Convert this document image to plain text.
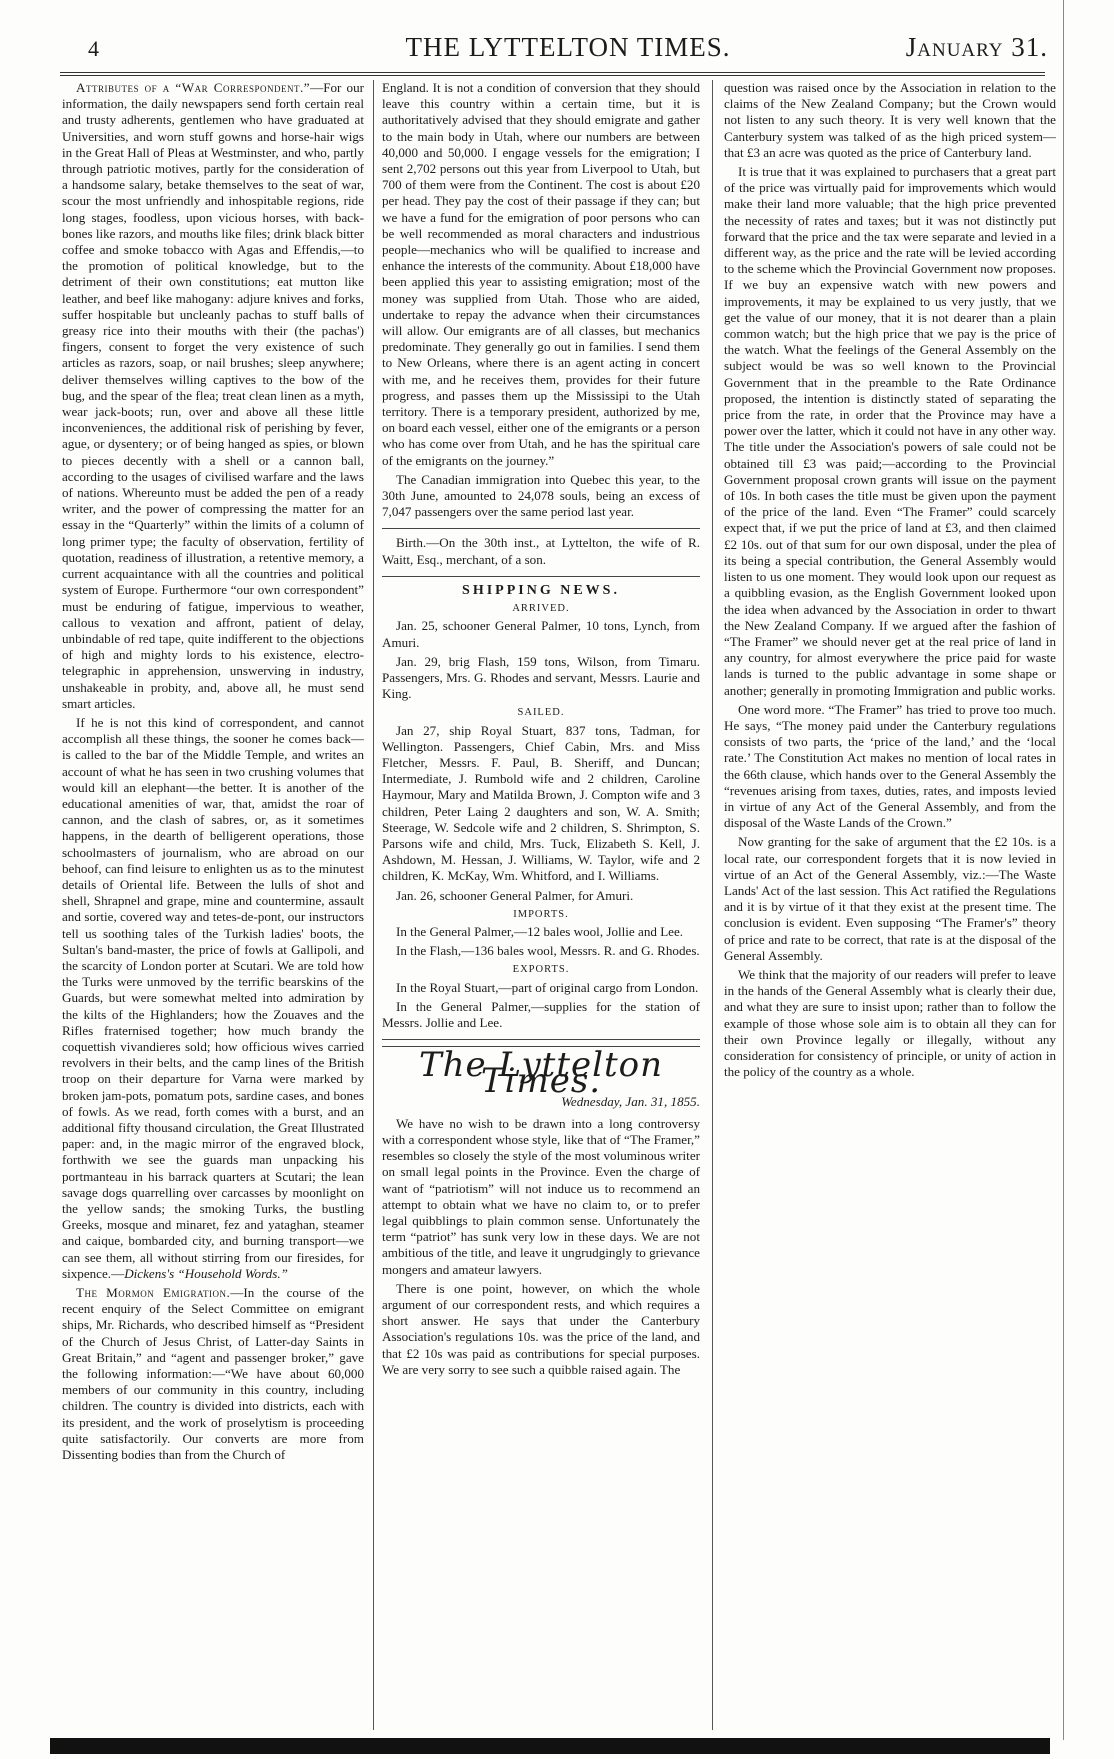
4	THE LYTTELTON TIMES.	January 31.

Attributes of a “War Correspondent.”—For our information, the daily newspapers send forth certain real and trusty adherents, gentlemen who have graduated at Universities, and worn stuff gowns and horse-hair wigs in the Great Hall of Pleas at Westminster, and who, partly through patriotic motives, partly for the consideration of a handsome salary, betake themselves to the seat of war, scour the most unfriendly and inhospitable regions, ride long stages, foodless, upon vicious horses, with back-bones like razors, and mouths like files; drink black bitter coffee and smoke tobacco with Agas and Effendis,—to the promotion of political knowledge, but to the detriment of their own constitutions; eat mutton like leather, and beef like mahogany: adjure knives and forks, suffer hospitable but uncleanly pachas to stuff balls of greasy rice into their mouths with their (the pachas') fingers, consent to forget the very existence of such articles as razors, soap, or nail brushes; sleep anywhere; deliver themselves willing captives to the bow of the bug, and the spear of the flea; treat clean linen as a myth, wear jack-boots; run, over and above all these little inconveniences, the additional risk of perishing by fever, ague, or dysentery; or of being hanged as spies, or blown to pieces decently with a shell or a cannon ball, according to the usages of civilised warfare and the laws of nations. Whereunto must be added the pen of a ready writer, and the power of compressing the matter for an essay in the “Quarterly” within the limits of a column of long primer type; the faculty of observation, fertility of quotation, readiness of illustration, a retentive memory, a current acquaintance with all the countries and political system of Europe. Furthermore “our own correspondent” must be enduring of fatigue, impervious to weather, callous to vexation and affront, patient of delay, unbindable of red tape, quite indifferent to the objections of high and mighty lords to his existence, electro-telegraphic in apprehension, unswerving in industry, unshakeable in probity, and, above all, he must send smart articles.

If he is not this kind of correspondent, and cannot accomplish all these things, the sooner he comes back—is called to the bar of the Middle Temple, and writes an account of what he has seen in two crushing volumes that would kill an elephant—the better. It is another of the educational amenities of war, that, amidst the roar of cannon, and the clash of sabres, or, as it sometimes happens, in the dearth of belligerent operations, those schoolmasters of journalism, who are abroad on our behoof, can find leisure to enlighten us as to the minutest details of Oriental life. Between the lulls of shot and shell, Shrapnel and grape, mine and countermine, assault and sortie, covered way and tetes-de-pont, our instructors tell us soothing tales of the Turkish ladies' boots, the Sultan's band-master, the price of fowls at Gallipoli, and the scarcity of London porter at Scutari. We are told how the Turks were unmoved by the terrific bearskins of the Guards, but were somewhat melted into admiration by the kilts of the Highlanders; how the Zouaves and the Rifles fraternised together; how much brandy the coquettish vivandieres sold; how officious wives carried revolvers in their belts, and the camp lines of the British troop on their departure for Varna were marked by broken jam-pots, pomatum pots, sardine cases, and bones of fowls. As we read, forth comes with a burst, and an additional fifty thousand circulation, the Great Illustrated paper: and, in the magic mirror of the engraved block, forthwith we see the guards man unpacking his portmanteau in his barrack quarters at Scutari; the lean savage dogs quarrelling over carcasses by moonlight on the yellow sands; the smoking Turks, the bustling Greeks, mosque and minaret, fez and yataghan, steamer and caique, bombarded city, and burning transport—we can see them, all without stirring from our firesides, for sixpence.—Dickens's “Household Words.”

The Mormon Emigration.—In the course of the recent enquiry of the Select Committee on emigrant ships, Mr. Richards, who described himself as “President of the Church of Jesus Christ, of Latter-day Saints in Great Britain,” and “agent and passenger broker,” gave the following information:—“We have about 60,000 members of our community in this country, including children. The country is divided into districts, each with its president, and the work of proselytism is proceeding quite satisfactorily. Our converts are more from Dissenting bodies than from the Church of

England. It is not a condition of conversion that they should leave this country within a certain time, but it is authoritatively advised that they should emigrate and gather to the main body in Utah, where our numbers are between 40,000 and 50,000. I engage vessels for the emigration; I sent 2,702 persons out this year from Liverpool to Utah, but 700 of them were from the Continent. The cost is about £20 per head. They pay the cost of their passage if they can; but we have a fund for the emigration of poor persons who can be well recommended as moral characters and industrious people—mechanics who will be qualified to increase and enhance the interests of the community. About £18,000 have been applied this year to assisting emigration; most of the money was supplied from Utah. Those who are aided, undertake to repay the advance when their circumstances will allow. Our emigrants are of all classes, but mechanics predominate. They generally go out in families. I send them to New Orleans, where there is an agent acting in concert with me, and he receives them, provides for their future progress, and passes them up the Mississipi to the Utah territory. There is a temporary president, authorized by me, on board each vessel, either one of the emigrants or a person who has come over from Utah, and he has the spiritual care of the emigrants on the journey.”

The Canadian immigration into Quebec this year, to the 30th June, amounted to 24,078 souls, being an excess of 7,047 passengers over the same period last year.

Birth.—On the 30th inst., at Lyttelton, the wife of R. Waitt, Esq., merchant, of a son.

SHIPPING NEWS.
ARRIVED.

Jan. 25, schooner General Palmer, 10 tons, Lynch, from Amuri.

Jan. 29, brig Flash, 159 tons, Wilson, from Timaru. Passengers, Mrs. G. Rhodes and servant, Messrs. Laurie and King.

SAILED.

Jan 27, ship Royal Stuart, 837 tons, Tadman, for Wellington. Passengers, Chief Cabin, Mrs. and Miss Fletcher, Messrs. F. Paul, B. Sheriff, and Duncan; Intermediate, J. Rumbold wife and 2 children, Caroline Haymour, Mary and Matilda Brown, J. Compton wife and 3 children, Peter Laing 2 daughters and son, W. A. Smith; Steerage, W. Sedcole wife and 2 children, S. Shrimpton, S. Parsons wife and child, Mrs. Tuck, Elizabeth S. Kell, J. Ashdown, M. Hessan, J. Williams, W. Taylor, wife and 2 children, K. McKay, Wm. Whitford, and I. Williams.

Jan. 26, schooner General Palmer, for Amuri.

IMPORTS.

In the General Palmer,—12 bales wool, Jollie and Lee.

In the Flash,—136 bales wool, Messrs. R. and G. Rhodes.

EXPORTS.

In the Royal Stuart,—part of original cargo from London.

In the General Palmer,—supplies for the station of Messrs. Jollie and Lee.

The Lyttelton Times.
Wednesday, Jan. 31, 1855.

We have no wish to be drawn into a long controversy with a correspondent whose style, like that of “The Framer,” resembles so closely the style of the most voluminous writer on small legal points in the Province. Even the charge of want of “patriotism” will not induce us to recommend an attempt to obtain what we have no claim to, or to prefer legal quibblings to plain common sense. Unfortunately the term “patriot” has sunk very low in these days. We are not ambitious of the title, and leave it ungrudgingly to grievance mongers and amateur lawyers.

There is one point, however, on which the whole argument of our correspondent rests, and which requires a short answer. He says that under the Canterbury Association's regulations 10s. was the price of the land, and that £2 10s was paid as contributions for special purposes. We are very sorry to see such a quibble raised again. The

question was raised once by the Association in relation to the claims of the New Zealand Company; but the Crown would not listen to any such theory. It is very well known that the Canterbury system was talked of as the high priced system—that £3 an acre was quoted as the price of Canterbury land.

It is true that it was explained to purchasers that a great part of the price was virtually paid for improvements which would make their land more valuable; that the high price prevented the necessity of rates and taxes; but it was not distinctly put forward that the price and the tax were separate and levied in a different way, as the price and the rate will be levied according to the scheme which the Provincial Government now proposes. If we buy an expensive watch with new powers and improvements, it may be explained to us very justly, that we get the value of our money, that it is not dearer than a plain common watch; but the high price that we pay is the price of the watch. What the feelings of the General Assembly on the subject would be was so well known to the Provincial Government that in the preamble to the Rate Ordinance proposed, the intention is distinctly stated of separating the price from the rate, in order that the Province may have a power over the latter, which it could not have in any other way. The title under the Association's powers of sale could not be obtained till £3 was paid;—according to the Provincial Government proposal crown grants will issue on the payment of 10s. In both cases the title must be given upon the payment of the price of the land. Even “The Framer” could scarcely expect that, if we put the price of land at £3, and then claimed £2 10s. out of that sum for our own disposal, under the plea of its being a special contribution, the General Assembly would listen to us one moment. They would look upon our request as a quibbling evasion, as the English Government looked upon the idea when advanced by the Association in order to thwart the New Zealand Company. If we argued after the fashion of “The Framer” we should never get at the real price of land in any country, for almost everywhere the price paid for waste lands is turned to the public advantage in some shape or another; generally in promoting Immigration and public works.

One word more. “The Framer” has tried to prove too much. He says, “The money paid under the Canterbury regulations consists of two parts, the ‘price of the land,’ and the ‘local rate.’ The Constitution Act makes no mention of local rates in the 66th clause, which hands over to the General Assembly the “revenues arising from taxes, duties, rates, and imposts levied in virtue of any Act of the General Assembly, and from the disposal of the Waste Lands of the Crown.”

Now granting for the sake of argument that the £2 10s. is a local rate, our correspondent forgets that it is now levied in virtue of an Act of the General Assembly, viz.:—The Waste Lands' Act of the last session. This Act ratified the Regulations and it is by virtue of it that they exist at the present time. The conclusion is evident. Even supposing “The Framer's” theory of price and rate to be correct, that rate is at the disposal of the General Assembly.

We think that the majority of our readers will prefer to leave in the hands of the General Assembly what is clearly their due, and what they are sure to insist upon; rather than to follow the example of those whose sole aim is to obtain all they can for their own Province legally or illegally, without any consideration for consistency of principle, or unity of action in the policy of the country as a whole.
